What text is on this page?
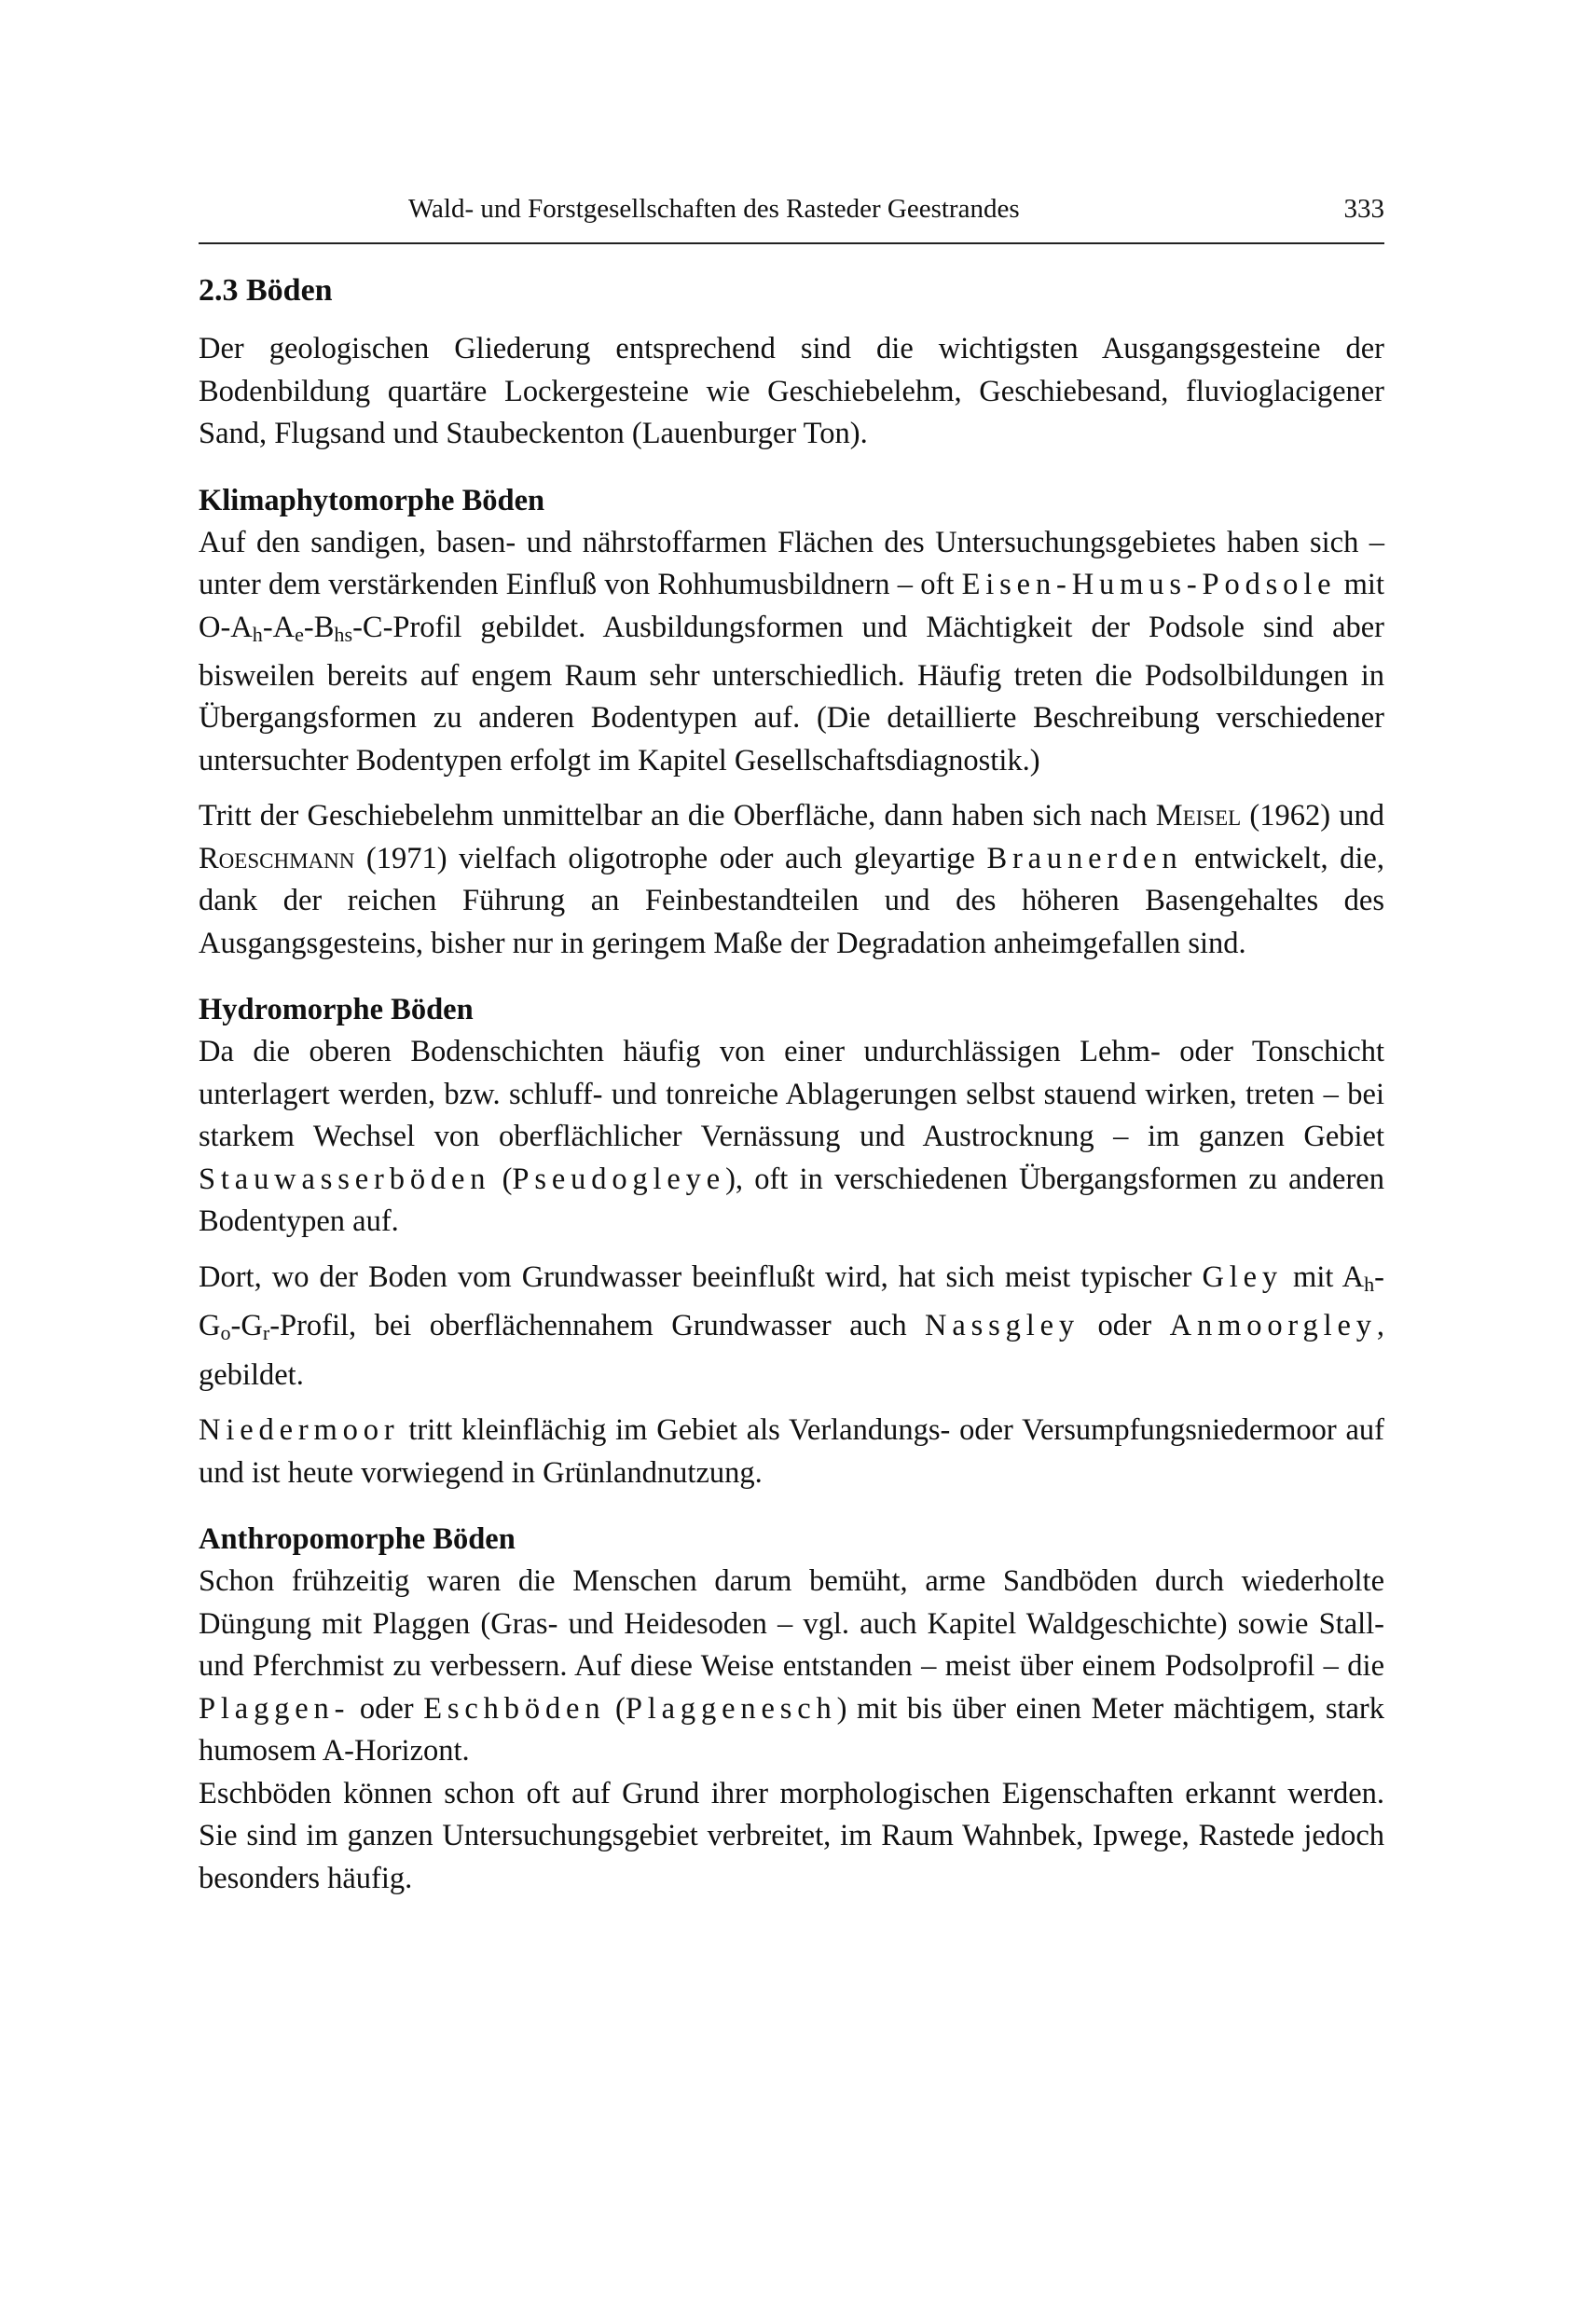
Wald- und Forstgesellschaften des Rasteder Geestrandes	333
2.3 Böden

Der geologischen Gliederung entsprechend sind die wichtigsten Ausgangsgesteine der Bodenbildung quartäre Lockergesteine wie Geschiebelehm, Geschiebesand, fluvioglacigener Sand, Flugsand und Staubeckenton (Lauenburger Ton).

Klimaphytomorphe Böden

Auf den sandigen, basen- und nährstoffarmen Flächen des Untersuchungsgebietes haben sich – unter dem verstärkenden Einfluß von Rohhumusbildnern – oft Eisen-Humus-Podsole mit O-Ah-Ae-Bhs-C-Profil gebildet. Ausbildungsformen und Mächtigkeit der Podsole sind aber bisweilen bereits auf engem Raum sehr unterschiedlich. Häufig treten die Podsolbildungen in Übergangsformen zu anderen Bodentypen auf. (Die detaillierte Beschreibung verschiedener untersuchter Bodentypen erfolgt im Kapitel Gesellschaftsdiagnostik.)

Tritt der Geschiebelehm unmittelbar an die Oberfläche, dann haben sich nach Meisel (1962) und Roeschmann (1971) vielfach oligotrophe oder auch gleyartige Braunerden entwickelt, die, dank der reichen Führung an Feinbestandteilen und des höheren Basengehaltes des Ausgangsgesteins, bisher nur in geringem Maße der Degradation anheimgefallen sind.

Hydromorphe Böden

Da die oberen Bodenschichten häufig von einer undurchlässigen Lehm- oder Tonschicht unterlagert werden, bzw. schluff- und tonreiche Ablagerungen selbst stauend wirken, treten – bei starkem Wechsel von oberflächlicher Vernässung und Austrocknung – im ganzen Gebiet Stauwasserböden (Pseudogleye), oft in verschiedenen Übergangsformen zu anderen Bodentypen auf.

Dort, wo der Boden vom Grundwasser beeinflußt wird, hat sich meist typischer Gley mit Ah-Go-Gr-Profil, bei oberflächennahem Grundwasser auch Nassgley oder Anmoorgley, gebildet.

Niedermoor tritt kleinflächig im Gebiet als Verlandungs- oder Versumpfungsniedermoor auf und ist heute vorwiegend in Grünlandnutzung.

Anthropomorphe Böden

Schon frühzeitig waren die Menschen darum bemüht, arme Sandböden durch wiederholte Düngung mit Plaggen (Gras- und Heidesoden – vgl. auch Kapitel Waldgeschichte) sowie Stall- und Pferchmist zu verbessern. Auf diese Weise entstanden – meist über einem Podsolprofil – die Plaggen- oder Eschböden (Plaggenesch) mit bis über einen Meter mächtigem, stark humosem A-Horizont.

Eschböden können schon oft auf Grund ihrer morphologischen Eigenschaften erkannt werden. Sie sind im ganzen Untersuchungsgebiet verbreitet, im Raum Wahnbek, Ipwege, Rastede jedoch besonders häufig.
